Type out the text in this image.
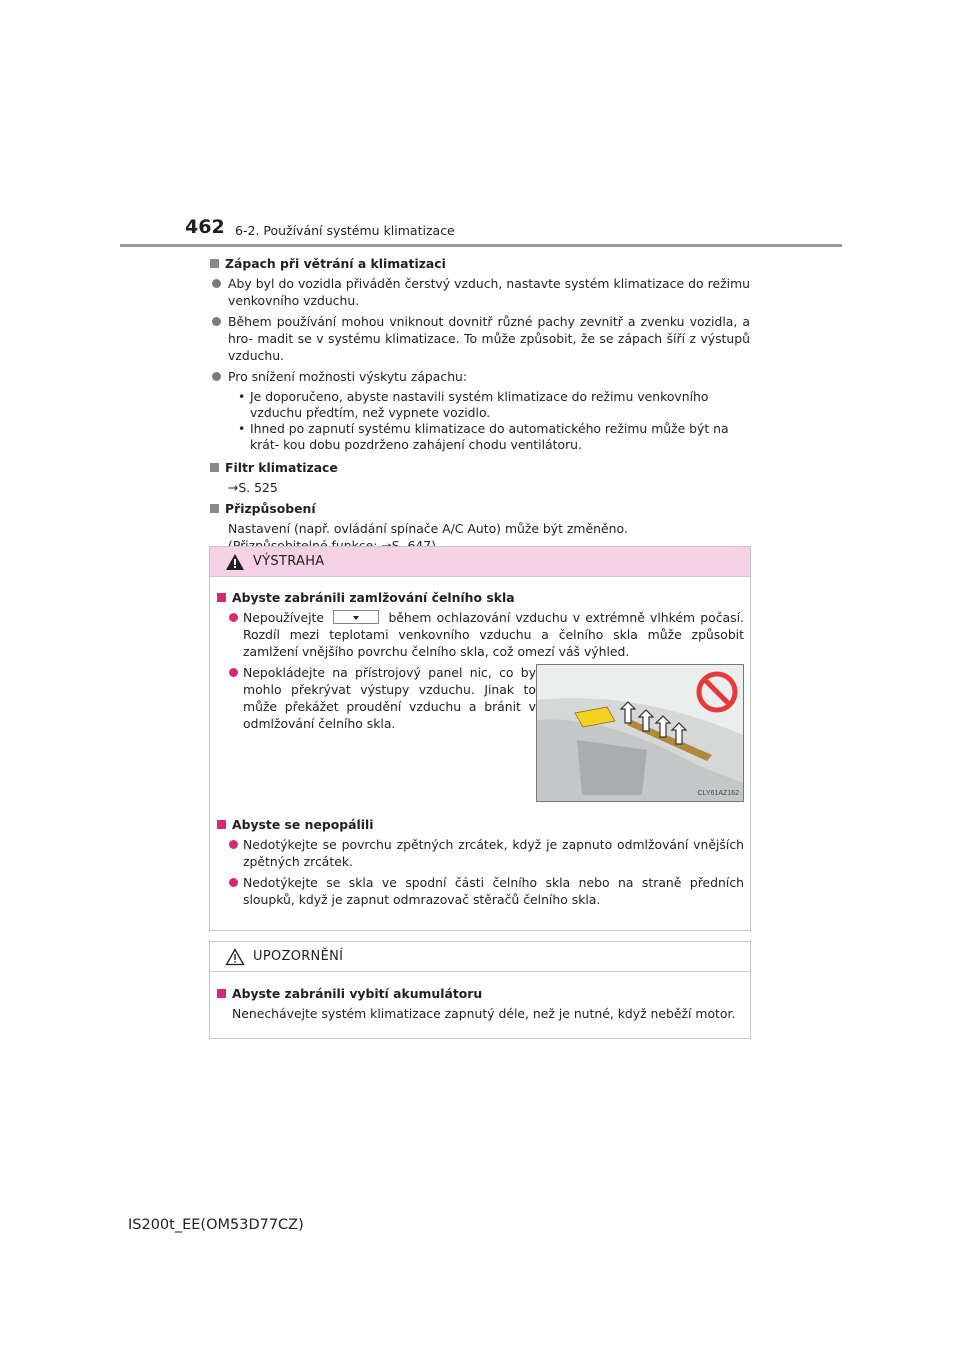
462 6-2. Používání systému klimatizace
Zápach při větrání a klimatizaci
Aby byl do vozidla přiváděn čerstvý vzduch, nastavte systém klimatizace do režimu venkovního vzduchu.
Během používání mohou vniknout dovnitř různé pachy zevnitř a zvenku vozidla, a hro- madit se v systému klimatizace. To může způsobit, že se zápach šíří z výstupů vzduchu.
Pro snížení možnosti výskytu zápachu:
• Je doporučeno, abyste nastavili systém klimatizace do režimu venkovního vzduchu předtím, než vypnete vozidlo.
• Ihned po zapnutí systému klimatizace do automatického režimu může být na krát- kou dobu pozdrženo zahájení chodu ventilátoru.
Filtr klimatizace
→S. 525
Přizpůsobení
Nastavení (např. ovládání spínače A/C Auto) může být změněno.
VÝSTRAHA
Abyste zabránili zamlžování čelního skla
Nepoužívejte	během ochlazování vzduchu v extrémně vlhkém počasí. Rozdíl mezi teplotami venkovního vzduchu a čelního skla může způsobit zamlžení vnějšího povrchu čelního skla, což omezí váš výhled.
Nepokládejte na přístrojový panel nic, co by mohlo překrývat výstupy vzduchu. Jinak to může překážet proudění vzduchu a bránit v odmlžování čelního skla.
CLY61AZ162
Abyste se nepopálili
Nedotýkejte se povrchu zpětných zrcátek, když je zapnuto odmlžování vnějších zpětných zrcátek.
Nedotýkejte se skla ve spodní části čelního skla nebo na straně předních sloupků, když je zapnut odmrazovač stěračů čelního skla.
UPOZORNĚNÍ
Abyste zabránili vybití akumulátoru
Nenechávejte systém klimatizace zapnutý déle, než je nutné, když neběží motor.
IS200t_EE(OM53D77CZ)
